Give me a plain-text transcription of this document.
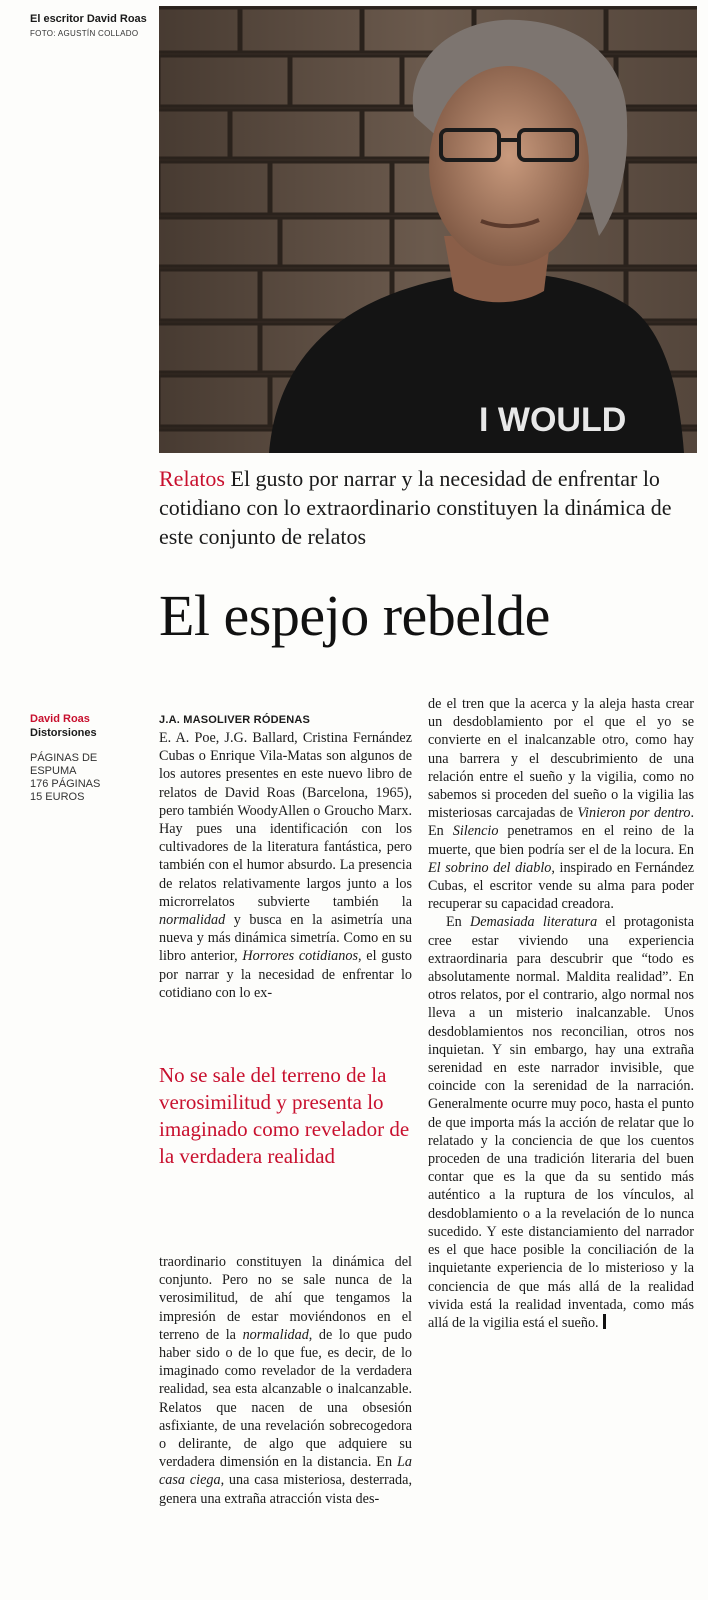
El escritor David Roas
FOTO: AGUSTÍN COLLADO
I WOULD
Relatos El gusto por narrar y la necesidad de enfrentar lo cotidiano con lo extraordinario constituyen la dinámica de este conjunto de relatos
El espejo rebelde
David Roas
Distorsiones
PÁGINAS DE ESPUMA
176 PÁGINAS
15 EUROS
J.A. MASOLIVER RÓDENAS

E. A. Poe, J.G. Ballard, Cristina Fernández Cubas o Enrique Vila-Matas son algunos de los autores presentes en este nuevo libro de relatos de David Roas (Barcelona, 1965), pero también WoodyAllen o Groucho Marx. Hay pues una identificación con los cultivadores de la literatura fantástica, pero también con el humor absurdo. La presencia de relatos relativamente largos junto a los microrrelatos subvierte también la normalidad y busca en la asimetría una nueva y más dinámica simetría. Como en su libro anterior, Horrores cotidianos, el gusto por narrar y la necesidad de enfrentar lo cotidiano con lo ex-

No se sale del terreno de la verosimilitud y presenta lo imaginado como revelador de la verdadera realidad

traordinario constituyen la dinámica del conjunto. Pero no se sale nunca de la verosimilitud, de ahí que tengamos la impresión de estar moviéndonos en el terreno de la normalidad, de lo que pudo haber sido o de lo que fue, es decir, de lo imaginado como revelador de la verdadera realidad, sea esta alcanzable o inalcanzable. Relatos que nacen de una obsesión asfixiante, de una revelación sobrecogedora o delirante, de algo que adquiere su verdadera dimensión en la distancia. En La casa ciega, una casa misteriosa, desterrada, genera una extraña atracción vista des-

de el tren que la acerca y la aleja hasta crear un desdoblamiento por el que el yo se convierte en el inalcanzable otro, como hay una barrera y el descubrimiento de una relación entre el sueño y la vigilia, como no sabemos si proceden del sueño o la vigilia las misteriosas carcajadas de Vinieron por dentro. En Silencio penetramos en el reino de la muerte, que bien podría ser el de la locura. En El sobrino del diablo, inspirado en Fernández Cubas, el escritor vende su alma para poder recuperar su capacidad creadora.

En Demasiada literatura el protagonista cree estar viviendo una experiencia extraordinaria para descubrir que “todo es absolutamente normal. Maldita realidad”. En otros relatos, por el contrario, algo normal nos lleva a un misterio inalcanzable. Unos desdoblamientos nos reconcilian, otros nos inquietan. Y sin embargo, hay una extraña serenidad en este narrador invisible, que coincide con la serenidad de la narración. Generalmente ocurre muy poco, hasta el punto de que importa más la acción de relatar que lo relatado y la conciencia de que los cuentos proceden de una tradición literaria del buen contar que es la que da su sentido más auténtico a la ruptura de los vínculos, al desdoblamiento o a la revelación de lo nunca sucedido. Y este distanciamiento del narrador es el que hace posible la conciliación de la inquietante experiencia de lo misterioso y la conciencia de que más allá de la realidad vivida está la realidad inventada, como más allá de la vigilia está el sueño.
